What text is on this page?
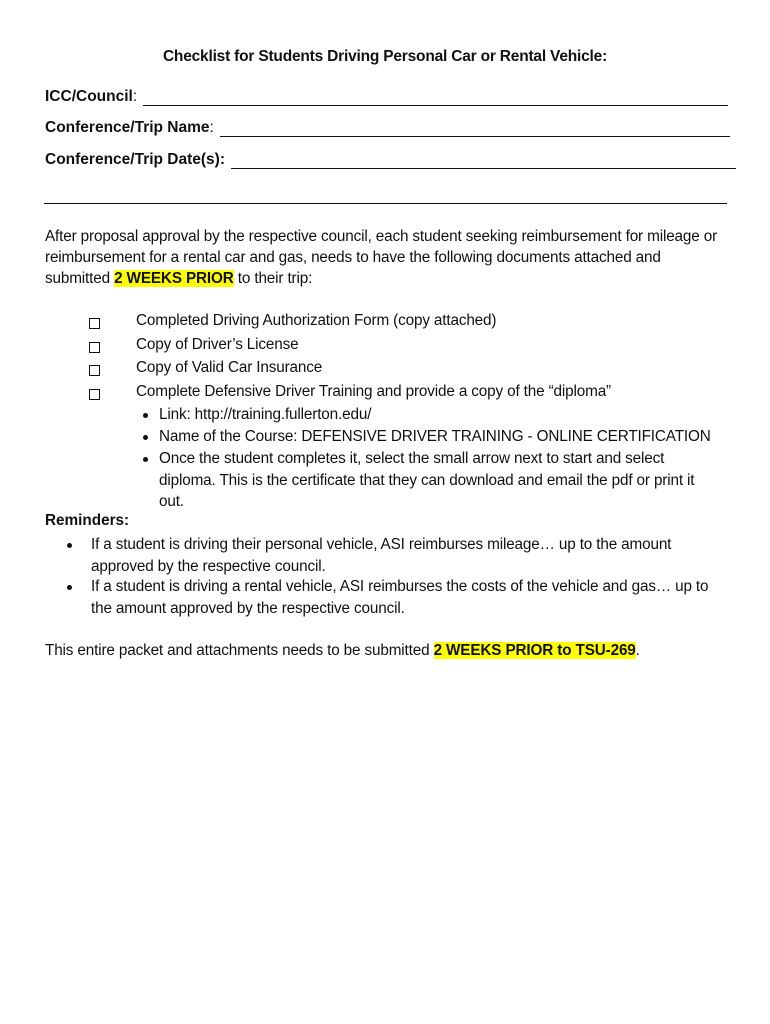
Checklist for Students Driving Personal Car or Rental Vehicle:
ICC/Council :
Conference/Trip Name :
Conference/Trip Date(s):
After proposal approval by the respective council, each student seeking reimbursement for mileage or reimbursement for a rental car and gas, needs to have the following documents attached and submitted 2 WEEKS PRIOR to their trip:
Completed Driving Authorization Form (copy attached)
Copy of Driver’s License
Copy of Valid Car Insurance
Complete Defensive Driver Training and provide a copy of the “diploma”
Link: http://training.fullerton.edu/
Name of the Course: DEFENSIVE DRIVER TRAINING - ONLINE CERTIFICATION
Once the student completes it, select the small arrow next to start and select diploma. This is the certificate that they can download and email the pdf or print it out.
Reminders:
If a student is driving their personal vehicle, ASI reimburses mileage… up to the amount approved by the respective council.
If a student is driving a rental vehicle, ASI reimburses the costs of the vehicle and gas… up to the amount approved by the respective council.
This entire packet and attachments needs to be submitted 2 WEEKS PRIOR to TSU-269.
